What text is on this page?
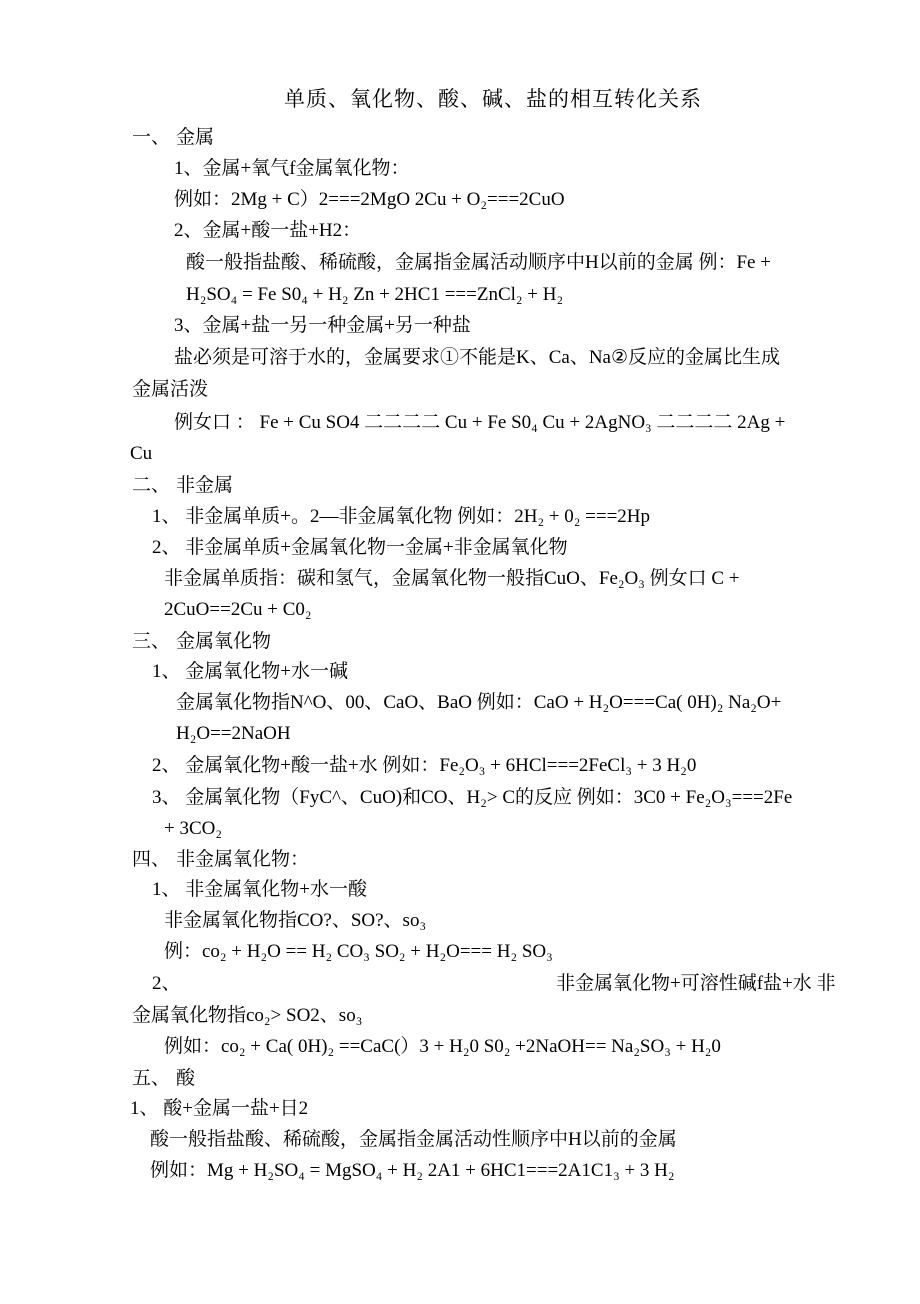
单质、氧化物、酸、碱、盐的相互转化关系
一、 金属
1、金属+氧气f金属氧化物：
例如：2Mg + C）2===2MgO 2Cu + O₂===2CuO
2、金属+酸一盐+H2：
酸一般指盐酸、稀硫酸，金属指金属活动顺序中H以前的金属 例：Fe +
H₂SO₄ = Fe S0₄ + H₂ Zn + 2HC1 ===ZnCl₂ + H₂
3、金属+盐一另一种金属+另一种盐
盐必须是可溶于水的，金属要求①不能是K、Ca、Na②反应的金属比生成
金属活泼
例女口 ： Fe + Cu SO4 二二二二 Cu + Fe S0₄ Cu + 2AgNO₃ 二二二二 2Ag +
Cu
二、 非金属
1、 非金属单质+。2—非金属氧化物 例如：2H₂ + 0₂ ===2Hp
2、 非金属单质+金属氧化物一金属+非金属氧化物
非金属单质指：碳和氢气，金属氧化物一般指CuO、Fe₂O₃ 例女口 C +
2CuO==2Cu + C0₂
三、 金属氧化物
1、 金属氧化物+水一碱
金属氧化物指N^O、00、CaO、BaO 例如：CaO + H₂O===Ca( 0H)₂ Na₂O+
H₂O==2NaOH
2、 金属氧化物+酸一盐+水 例如：Fe₂O₃ + 6HCl===2FeCl₃ + 3 H₂0
3、 金属氧化物（FyC^、CuO)和CO、H₂> C的反应 例如：3C0 + Fe₂O₃===2Fe
+ 3CO₂
四、 非金属氧化物：
1、 非金属氧化物+水一酸
非金属氧化物指CO?、SO?、so₃
例：co₂ + H₂O == H₂ CO₃ SO₂ + H₂O=== H₂ SO₃
2、	非金属氧化物+可溶性碱f盐+水 非
金属氧化物指co₂> SO2、so₃
例如：co₂ + Ca( 0H)₂ ==CaC(）3 + H₂0 S0₂ +2NaOH== Na₂SO₃ + H₂0
五、 酸
1、 酸+金属一盐+日2
酸一般指盐酸、稀硫酸，金属指金属活动性顺序中H以前的金属
例如：Mg + H₂SO₄ = MgSO₄ + H₂ 2A1 + 6HC1===2A1C1₃ + 3 H₂
